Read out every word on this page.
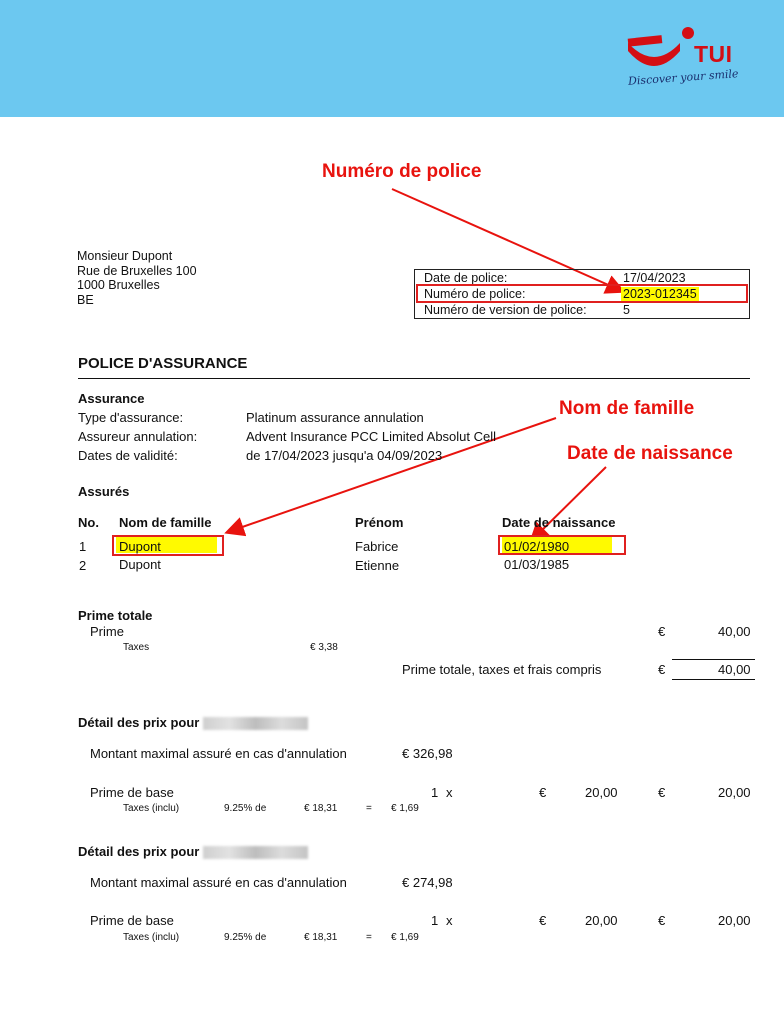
TUI
Discover your smile
Numéro de police
Nom de famille
Date de naissance
Monsieur Dupont
Rue de Bruxelles 100
1000 Bruxelles
BE
Date de police:	17/04/2023
Numéro de police:	2023-012345
Numéro de version de police:	5
POLICE D'ASSURANCE
Assurance
Type d'assurance:	Platinum assurance annulation
Assureur annulation:	Advent Insurance PCC Limited Absolut Cell
Dates de validité:	de 17/04/2023 jusqu'a 04/09/2023
Assurés
No. Nom de famille	Prénom	Date de naissance
1	Dupont	Fabrice	01/02/1980
2	Dupont	Etienne	01/03/1985
Prime totale
Prime	€	40,00
Taxes	€ 3,38
Prime totale, taxes et frais compris	€	40,00
Détail des prix pour
Montant maximal assuré en cas d'annulation	€ 326,98
Prime de base	1 x	€	20,00	€	20,00
Taxes (inclu)	9.25% de	€ 18,31	= € 1,69
Détail des prix pour
Montant maximal assuré en cas d'annulation	€ 274,98
Prime de base	1 x	€	20,00	€	20,00
Taxes (inclu)	9.25% de	€ 18,31	= € 1,69
